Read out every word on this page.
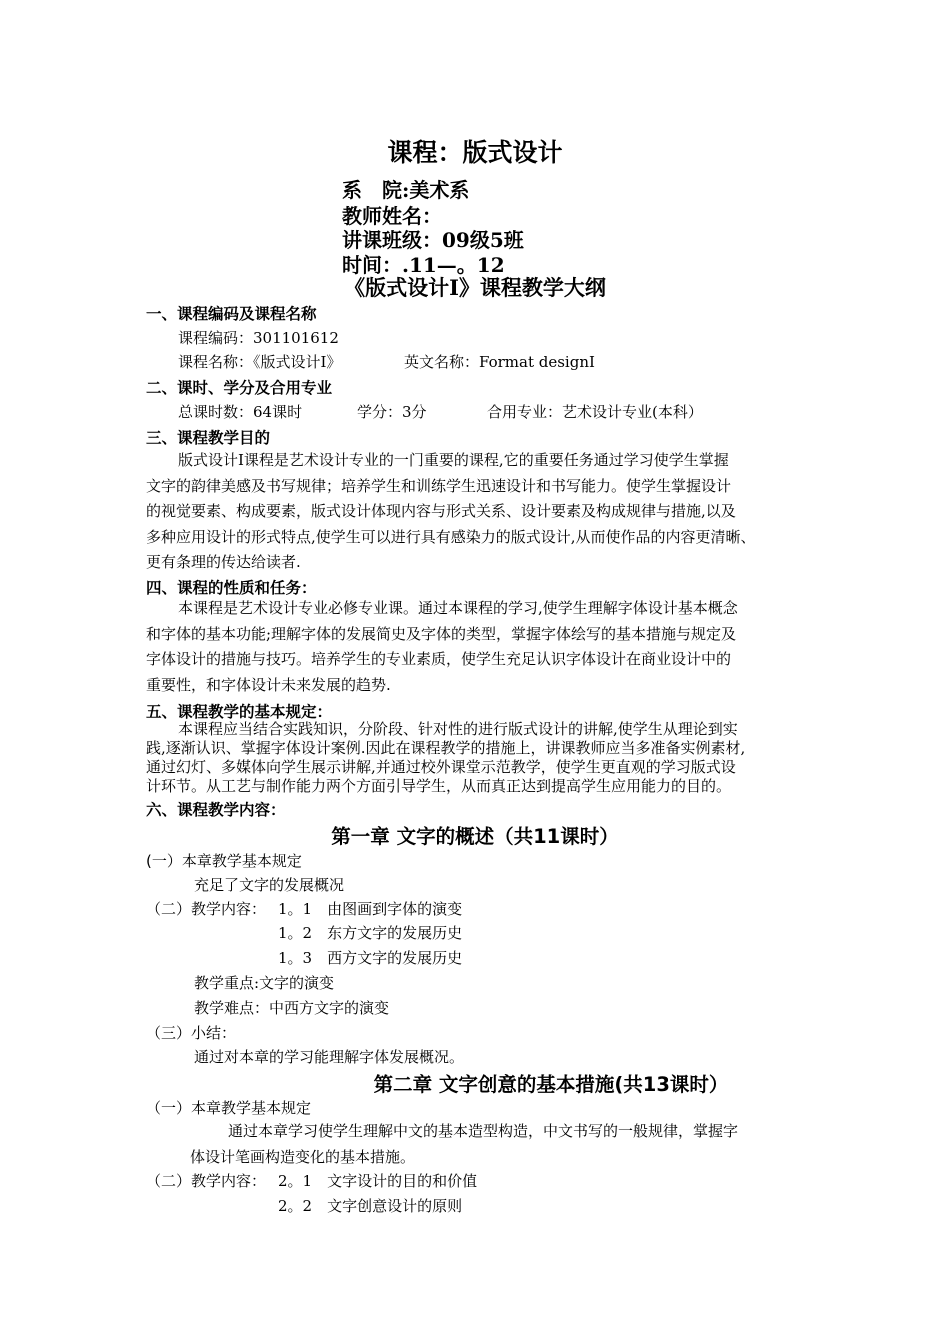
课程：版式设计
系　院:美术系
教师姓名：
讲课班级：09级5班
时间：.11—。12
《版式设计Ⅰ》课程教学大纲
一、课程编码及课程名称
课程编码：301101612
课程名称：《版式设计Ⅰ》	英文名称：Format designⅠ
二、课时、学分及合用专业
总课时数：64课时	学分：3分	合用专业：艺术设计专业(本科）
三、课程教学目的
版式设计Ⅰ课程是艺术设计专业的一门重要的课程,它的重要任务通过学习使学生掌握
文字的韵律美感及书写规律；培养学生和训练学生迅速设计和书写能力。使学生掌握设计
的视觉要素、构成要素，版式设计体现内容与形式关系、设计要素及构成规律与措施,以及
多种应用设计的形式特点,使学生可以进行具有感染力的版式设计,从而使作品的内容更清晰、
更有条理的传达给读者.
四、课程的性质和任务：
本课程是艺术设计专业必修专业课。通过本课程的学习,使学生理解字体设计基本概念
和字体的基本功能;理解字体的发展简史及字体的类型，掌握字体绘写的基本措施与规定及
字体设计的措施与技巧。培养学生的专业素质，使学生充足认识字体设计在商业设计中的
重要性，和字体设计未来发展的趋势.
五、课程教学的基本规定：
本课程应当结合实践知识，分阶段、针对性的进行版式设计的讲解,使学生从理论到实
践,逐渐认识、掌握字体设计案例.因此在课程教学的措施上，讲课教师应当多准备实例素材,
通过幻灯、多媒体向学生展示讲解,并通过校外课堂示范教学，使学生更直观的学习版式设
计环节。从工艺与制作能力两个方面引导学生，从而真正达到提高学生应用能力的目的。
六、课程教学内容：
第一章 文字的概述（共11课时）
(一）本章教学基本规定
充足了文字的发展概况
（二）教学内容： 1。1　由图画到字体的演变
1。2　东方文字的发展历史
1。3　西方文字的发展历史
教学重点:文字的演变
教学难点：中西方文字的演变
（三）小结：
通过对本章的学习能理解字体发展概况。
第二章 文字创意的基本措施(共13课时）
（一）本章教学基本规定
通过本章学习使学生理解中文的基本造型构造，中文书写的一般规律，掌握字
体设计笔画构造变化的基本措施。
（二）教学内容： 2。1　文字设计的目的和价值
2。2　文字创意设计的原则
